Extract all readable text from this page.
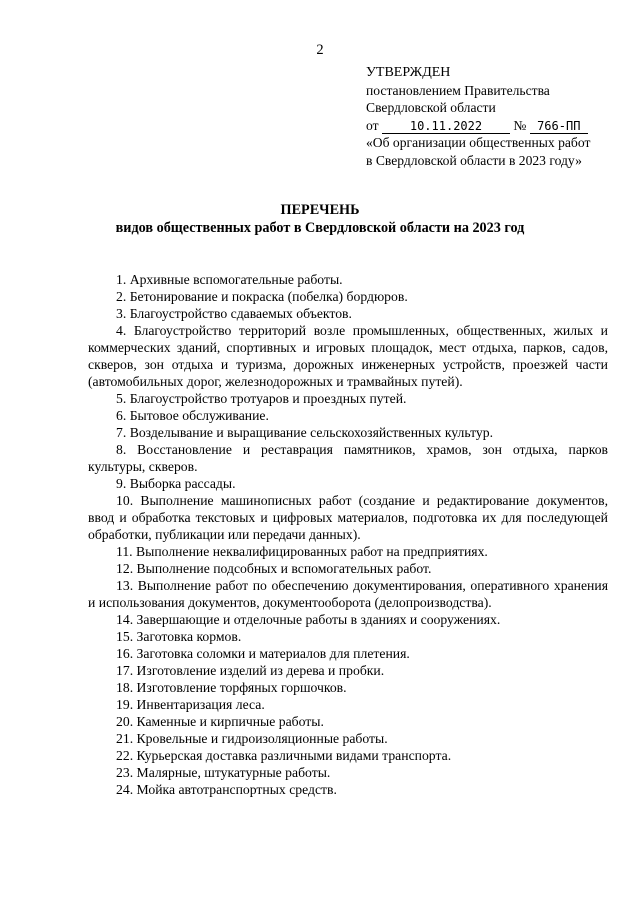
2
УТВЕРЖДЕН
постановлением Правительства
Свердловской области
от	10.11.2022 № 766-ПП
«Об организации общественных работ
в Свердловской области в 2023 году»
ПЕРЕЧЕНЬ
видов общественных работ в Свердловской области на 2023 год

1. Архивные вспомогательные работы.

2. Бетонирование и покраска (побелка) бордюров.

3. Благоустройство сдаваемых объектов.

4. Благоустройство территорий возле промышленных, общественных, жилых и коммерческих зданий, спортивных и игровых площадок, мест отдыха, парков, садов, скверов, зон отдыха и туризма, дорожных инженерных устройств, проезжей части (автомобильных дорог, железнодорожных и трамвайных путей).

5. Благоустройство тротуаров и проездных путей.

6. Бытовое обслуживание.

7. Возделывание и выращивание сельскохозяйственных культур.

8. Восстановление и реставрация памятников, храмов, зон отдыха, парков культуры, скверов.

9. Выборка рассады.

10. Выполнение машинописных работ (создание и редактирование документов, ввод и обработка текстовых и цифровых материалов, подготовка их для последующей обработки, публикации или передачи данных).

11. Выполнение неквалифицированных работ на предприятиях.

12. Выполнение подсобных и вспомогательных работ.

13. Выполнение работ по обеспечению документирования, оперативного хранения и использования документов, документооборота (делопроизводства).

14. Завершающие и отделочные работы в зданиях и сооружениях.

15. Заготовка кормов.

16. Заготовка соломки и материалов для плетения.

17. Изготовление изделий из дерева и пробки.

18. Изготовление торфяных горшочков.

19. Инвентаризация леса.

20. Каменные и кирпичные работы.

21. Кровельные и гидроизоляционные работы.

22. Курьерская доставка различными видами транспорта.

23. Малярные, штукатурные работы.

24. Мойка автотранспортных средств.
